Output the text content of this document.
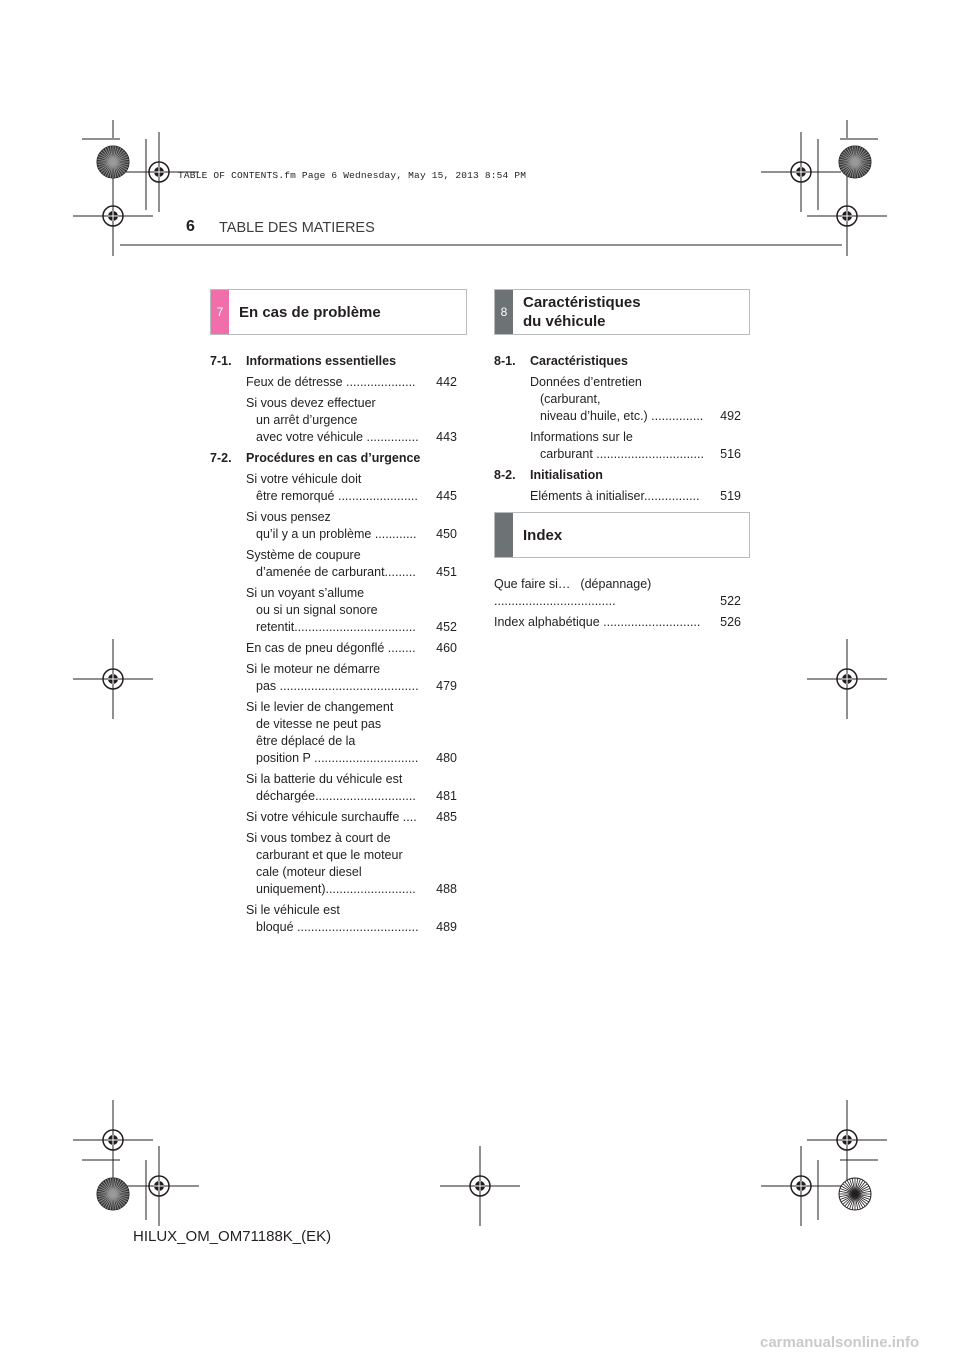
TABLE OF CONTENTS.fm Page 6 Wednesday, May 15, 2013 8:54 PM
6 TABLE DES MATIERES
7	En cas de problème	8
Caractéristiques
du véhicule
Index
7-1.	Informations essentielles
Feux de détresse ....................	442
Si vous devez effectuer
un arrêt d’urgence
avec votre véhicule ...............	443
7-2.	Procédures en cas d’urgence
Si votre véhicule doit
être remorqué .......................	445
Si vous pensez
qu’il y a un problème ............	450
Système de coupure
d’amenée de carburant.........	451
Si un voyant s’allume
ou si un signal sonore
retentit...................................	452
En cas de pneu dégonflé ........	460
Si le moteur ne démarre
pas ........................................	479
Si le levier de changement
de vitesse ne peut pas
être déplacé de la
position P ..............................	480
Si la batterie du véhicule est
déchargée.............................	481
Si votre véhicule surchauffe ....	485
Si vous tombez à court de
carburant et que le moteur
cale (moteur diesel
uniquement)..........................	488
Si le véhicule est
bloqué ...................................	489
8-1.	Caractéristiques
Données d’entretien
(carburant,
niveau d’huile, etc.) ...............	492
Informations sur le
carburant ...............................	516
8-2.	Initialisation
Eléments à initialiser................	519
Que faire si… (dépannage) ...................................	522
Index alphabétique ............................ 526
HILUX_OM_OM71188K_(EK)
carmanualsonline.info
